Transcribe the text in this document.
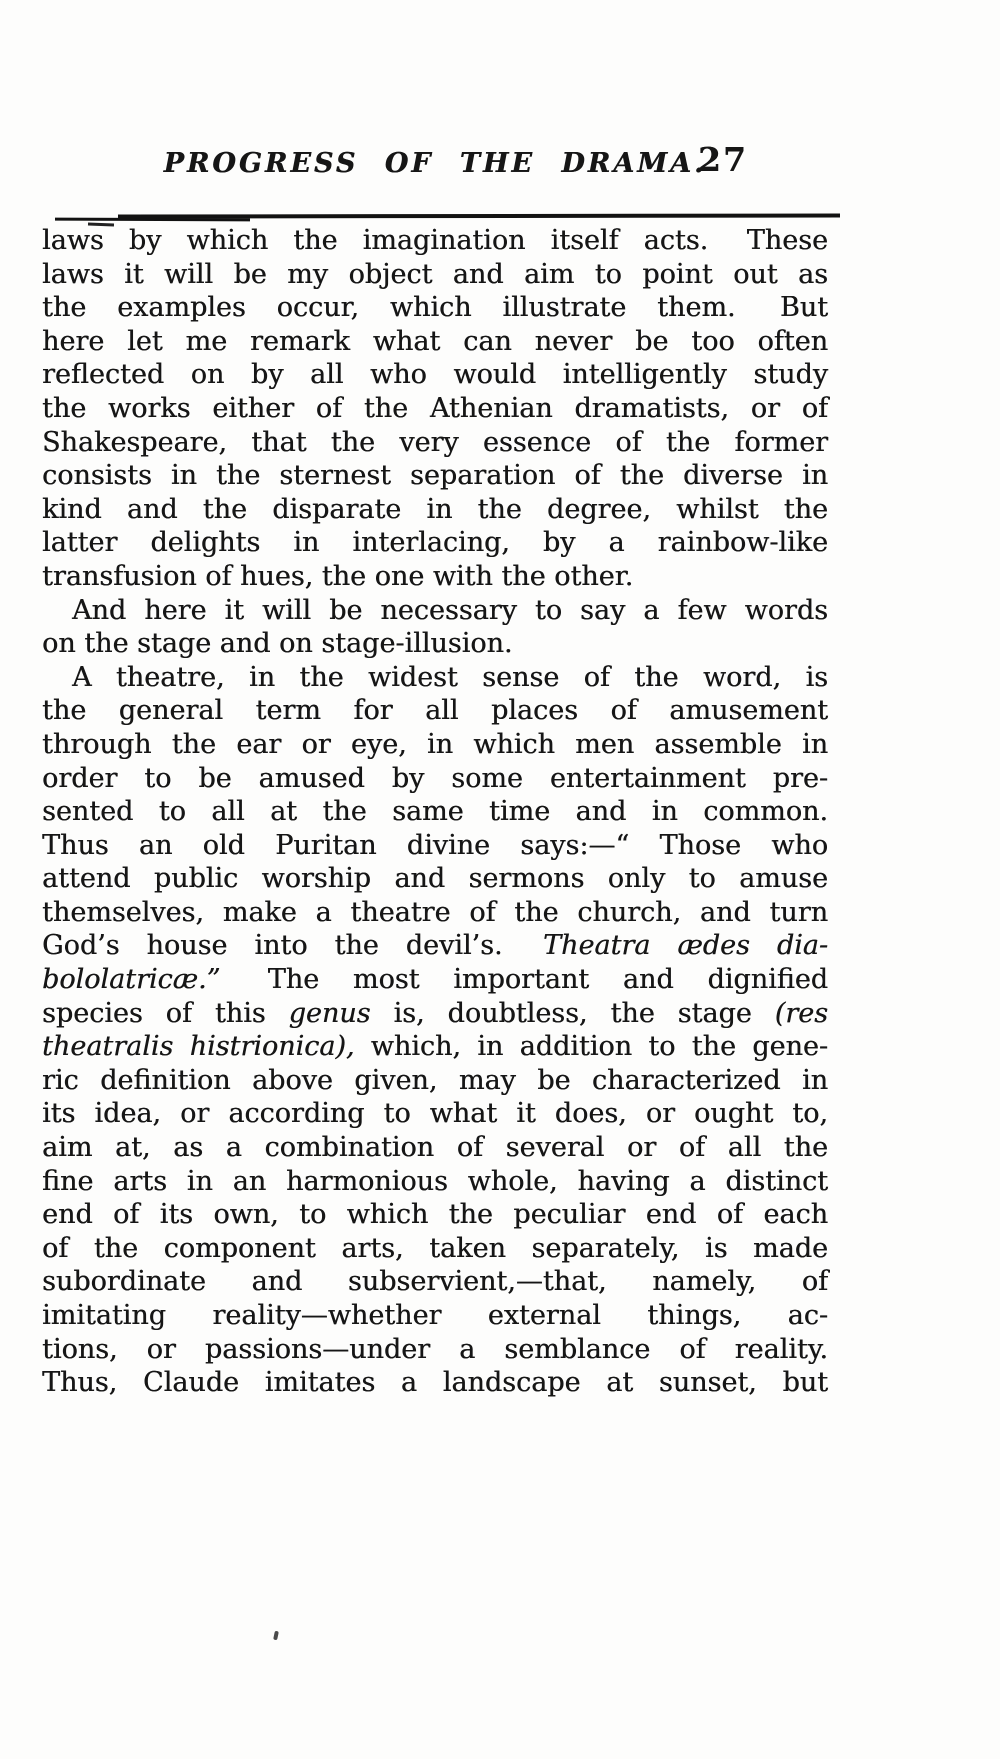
PROGRESS OF THE DRAMA.
27
laws by which the imagination itself acts.  These
laws it will be my object and aim to point out as
the examples occur, which illustrate them.  But
here let me remark what can never be too often
reflected on by all who would intelligently study
the works either of the Athenian dramatists, or of
Shakespeare, that the very essence of the former
consists in the sternest separation of the diverse in
kind and the disparate in the degree, whilst the
latter delights in interlacing, by a rainbow-like
transfusion of hues, the one with the other.
And here it will be necessary to say a few words
on the stage and on stage-illusion.
A theatre, in the widest sense of the word, is
the general term for all places of amusement
through the ear or eye, in which men assemble in
order to be amused by some entertainment pre-
sented to all at the same time and in common.
Thus an old Puritan divine says:—“ Those who
attend public worship and sermons only to amuse
themselves, make a theatre of the church, and turn
God’s house into the devil’s.  Theatra ædes dia-
bololatricæ.”  The most important and dignified
species of this genus is, doubtless, the stage (res
theatralis histrionica), which, in addition to the gene-
ric definition above given, may be characterized in
its idea, or according to what it does, or ought to,
aim at, as a combination of several or of all the
fine arts in an harmonious whole, having a distinct
end of its own, to which the peculiar end of each
of the component arts, taken separately, is made
subordinate and subservient,—that, namely, of
imitating reality—whether external things, ac-
tions, or passions—under a semblance of reality.
Thus, Claude imitates a landscape at sunset, but
